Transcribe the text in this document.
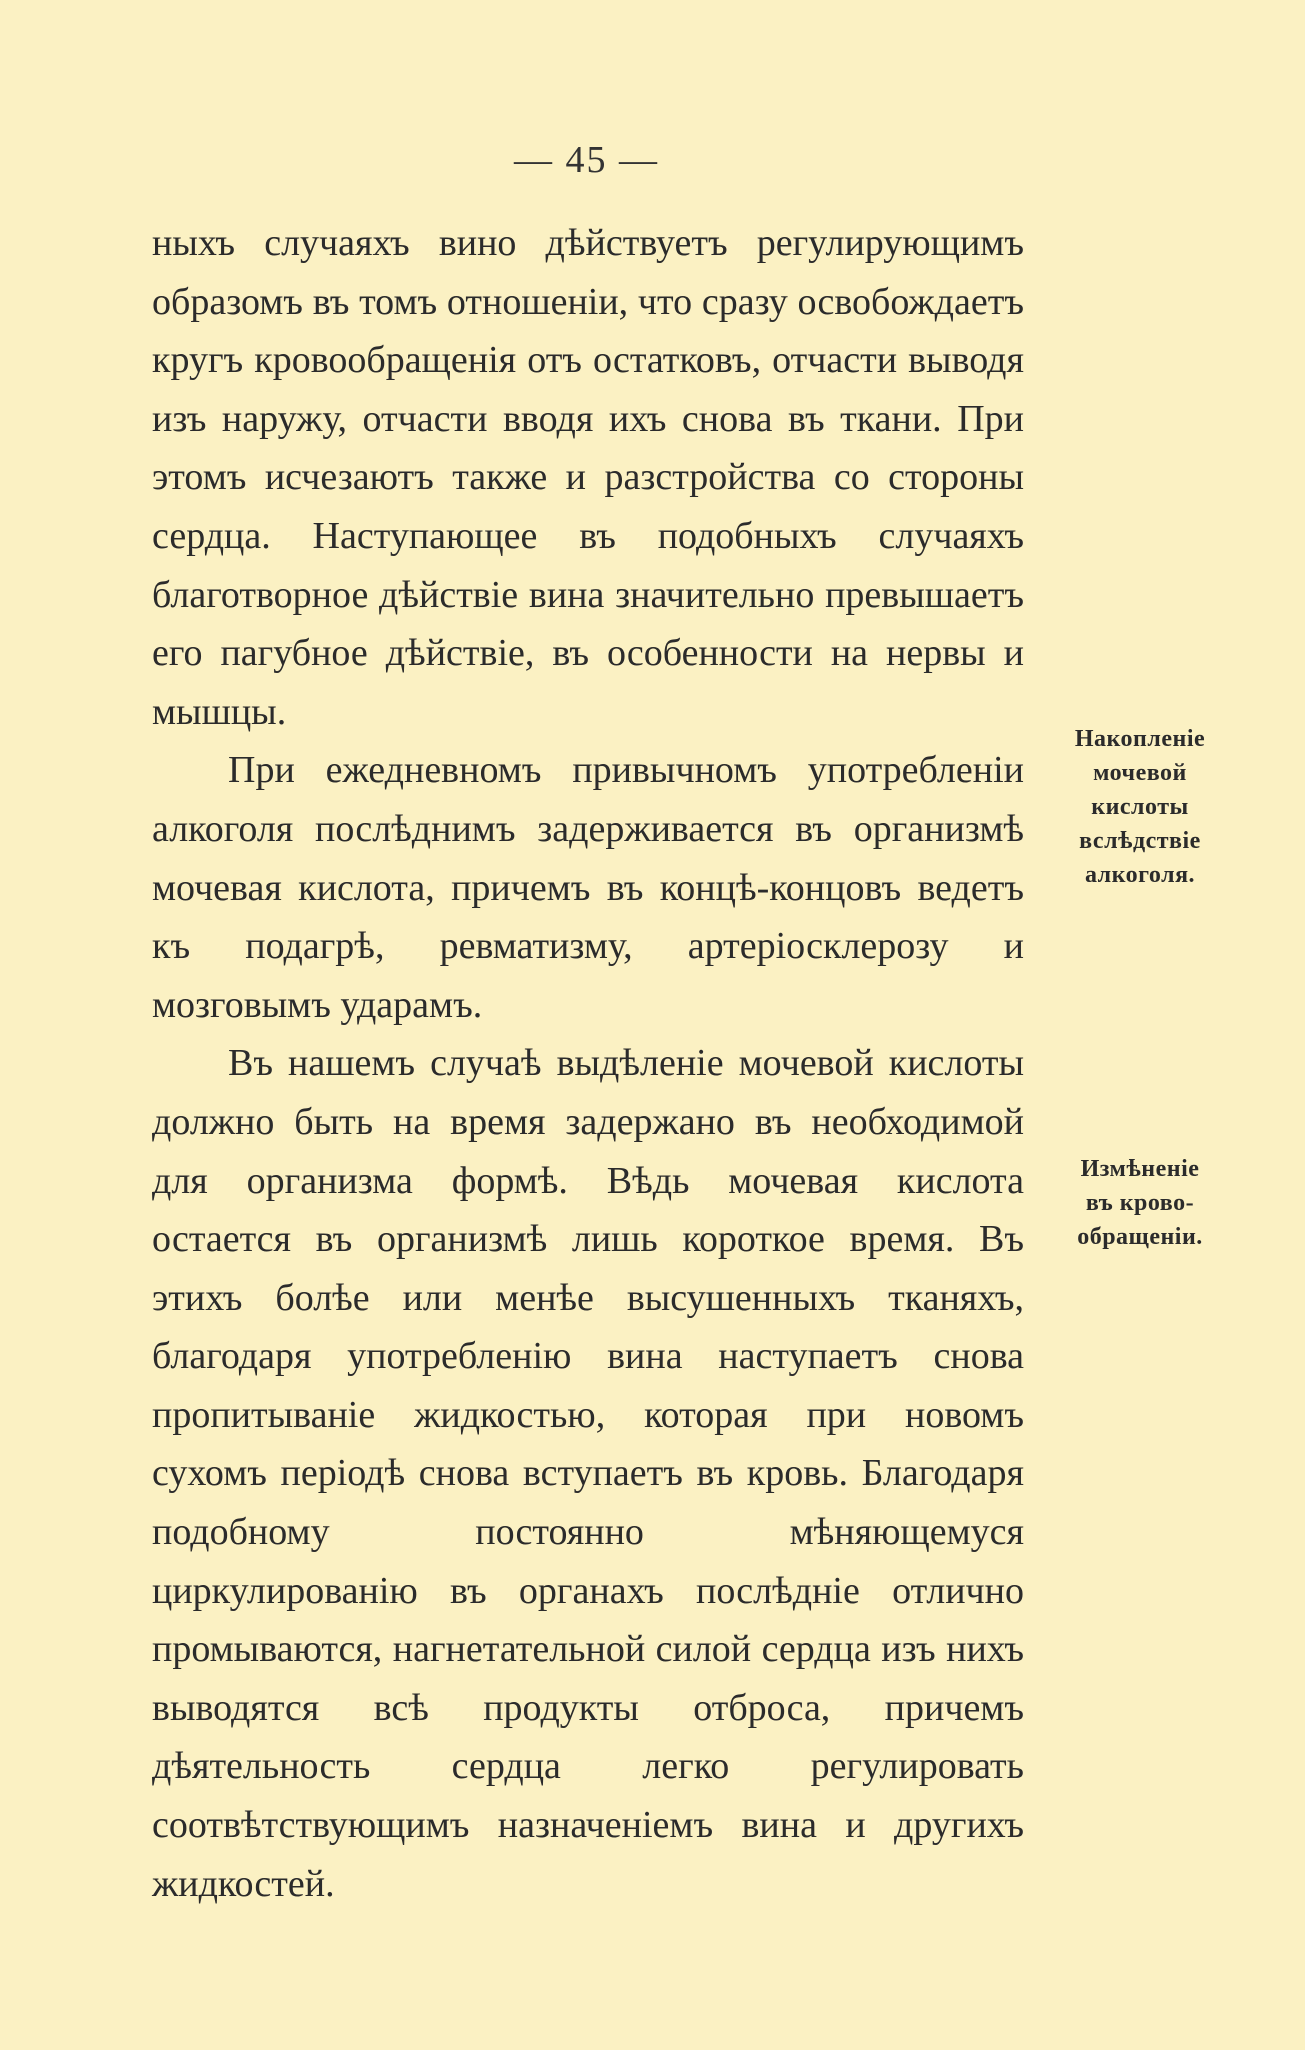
— 45 —

ныхъ случаяхъ вино дѣйствуетъ регулирующимъ образомъ въ томъ отношенiи, что сразу освобождаетъ кругъ кровообращенiя отъ остатковъ, отчасти выводя изъ наружу, отчасти вводя ихъ снова въ ткани. При этомъ исчезаютъ также и разстройства со стороны сердца. Наступающее въ подобныхъ случаяхъ благотворное дѣйствiе вина значительно превышаетъ его пагубное дѣйствiе, въ особенности на нервы и мышцы.

При ежедневномъ привычномъ употребленiи алкоголя послѣднимъ задерживается въ организмѣ мочевая кислота, причемъ въ концѣ-концовъ ведетъ къ подагрѣ, ревматизму, артерiосклерозу и мозговымъ ударамъ.

Въ нашемъ случаѣ выдѣленiе мочевой кислоты должно быть на время задержано въ необходимой для организма формѣ. Вѣдь мочевая кислота остается въ организмѣ лишь короткое время. Въ этихъ болѣе или менѣе высушенныхъ тканяхъ, благодаря употребленiю вина наступаетъ снова пропитыванiе жидкостью, которая при новомъ сухомъ перiодѣ снова вступаетъ въ кровь. Благодаря подобному постоянно мѣняющемуся циркулированiю въ органахъ послѣднiе отлично промываются, нагнетательной силой сердца изъ нихъ выводятся всѣ продукты отброса, причемъ дѣятельность сердца легко регулировать соотвѣтствующимъ назначенiемъ вина и другихъ жидкостей.

Накопленiе
мочевой
кислоты
вслѣдствiе
алкоголя.
Измѣненiе
въ крово-
обращенiи.
